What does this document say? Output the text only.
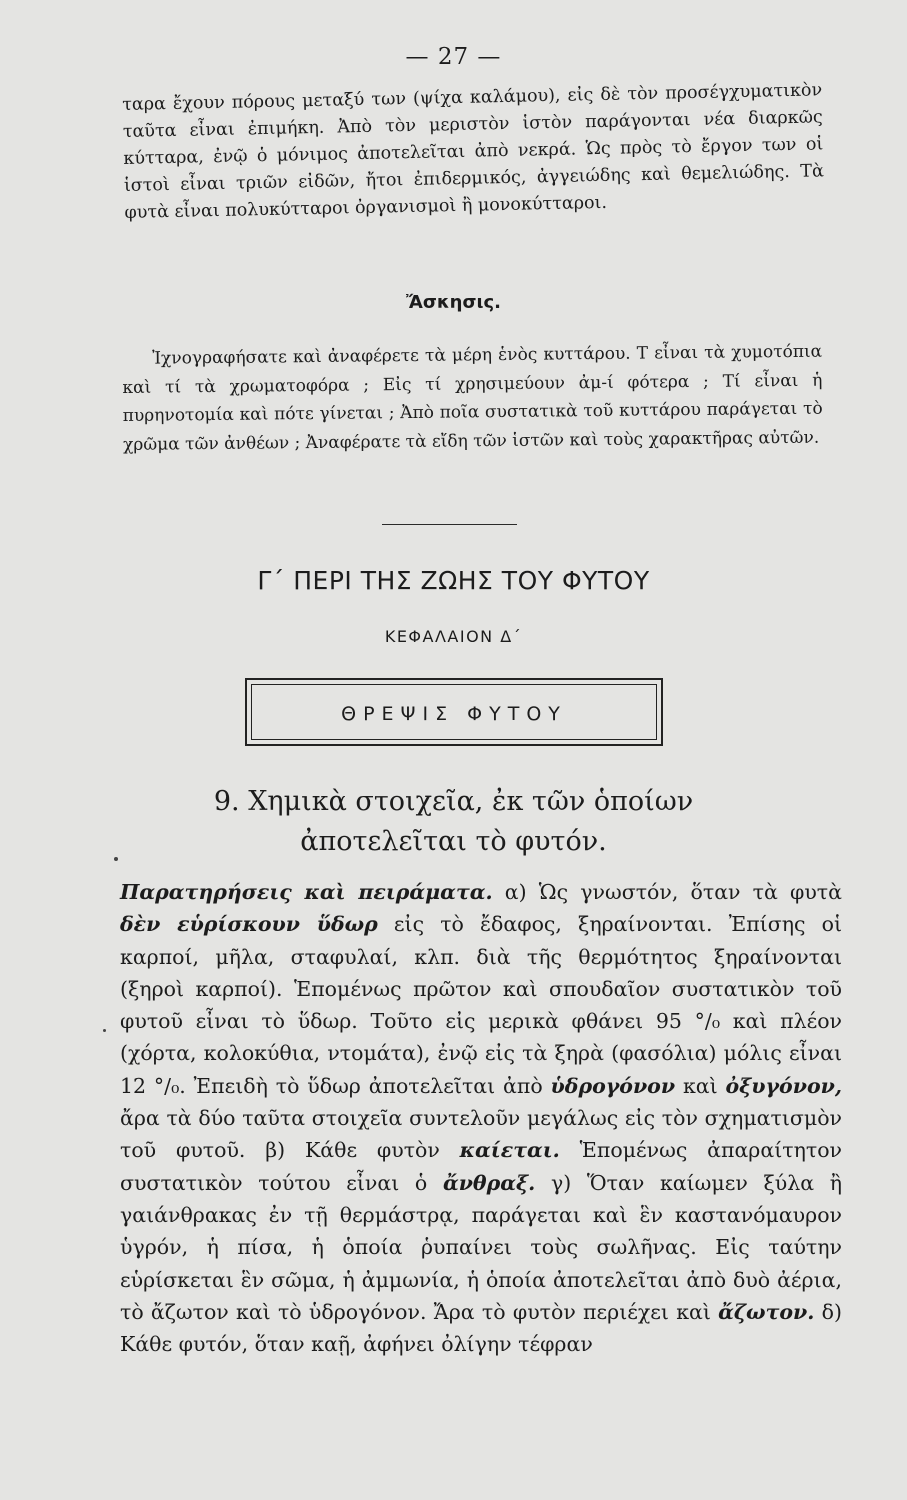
— 27 —
ταρα ἔχουν πόρους μεταξύ των (ψίχα καλάμου), εἰς δὲ τὸν προσέγχυματικὸν ταῦτα εἶναι ἐπιμήκη. Ἀπὸ τὸν μεριστὸν ἱστὸν παράγονται νέα διαρκῶς κύτταρα, ἐνῷ ὁ μόνιμος ἀποτελεῖται ἀπὸ νεκρά. Ὡς πρὸς τὸ ἔργον των οἱ ἱστοὶ εἶναι τριῶν εἰδῶν, ἤτοι ἐπιδερμικός, ἀγγειώδης καὶ θεμελιώδης. Τὰ φυτὰ εἶναι πολυκύτταροι ὀργανισμοὶ ἢ μονοκύτταροι.
Ἄσκησις.
Ἰχνογραφήσατε καὶ ἀναφέρετε τὰ μέρη ἑνὸς κυττάρου. Τ εἶναι τὰ χυμοτόπια καὶ τί τὰ χρωματοφόρα ; Εἰς τί χρησιμεύουν ἀμ-ί φότερα ; Τί εἶναι ἡ πυρηνοτομία καὶ πότε γίνεται ; Ἀπὸ ποῖα συστατικὰ τοῦ κυττάρου παράγεται τὸ χρῶμα τῶν ἀνθέων ; Ἀναφέρατε τὰ εἴδη τῶν ἱστῶν καὶ τοὺς χαρακτῆρας αὐτῶν.
Γ΄ ΠΕΡΙ ΤΗΣ ΖΩΗΣ ΤΟΥ ΦΥΤΟΥ
ΚΕΦΑΛΑΙΟΝ Δ΄
ΘΡΕΨΙΣ ΦΥΤΟΥ
9. Χημικὰ στοιχεῖα, ἐκ τῶν ὁποίων
ἀποτελεῖται τὸ φυτόν.
Παρατηρήσεις καὶ πειράματα. α) Ὡς γνωστόν, ὅταν τὰ φυτὰ δὲν εὑρίσκουν ὕδωρ εἰς τὸ ἔδαφος, ξηραίνονται. Ἐπίσης οἱ καρποί, μῆλα, σταφυλαί, κλπ. διὰ τῆς θερμότητος ξηραίνονται (ξηροὶ καρποί). Ἑπομένως πρῶτον καὶ σπουδαῖον συστατικὸν τοῦ φυτοῦ εἶναι τὸ ὕδωρ. Τοῦτο εἰς μερικὰ φθάνει 95 °/₀ καὶ πλέον (χόρτα, κολοκύθια, ντομάτα), ἐνῷ εἰς τὰ ξηρὰ (φασόλια) μόλις εἶναι 12 °/₀. Ἐπειδὴ τὸ ὕδωρ ἀποτελεῖται ἀπὸ ὑδρογόνον καὶ ὀξυγόνον, ἄρα τὰ δύο ταῦτα στοιχεῖα συντελοῦν μεγάλως εἰς τὸν σχηματισμὸν τοῦ φυτοῦ. β) Κάθε φυτὸν καίεται. Ἑπομένως ἀπαραίτητον συστατικὸν τούτου εἶναι ὁ ἄνθραξ. γ) Ὅταν καίωμεν ξύλα ἢ γαιάνθρακας ἐν τῇ θερμάστρᾳ, παράγεται καὶ ἓν καστανόμαυρον ὑγρόν, ἡ πίσα, ἡ ὁποία ῥυπαίνει τοὺς σωλῆνας. Εἰς ταύτην εὑρίσκεται ἓν σῶμα, ἡ ἀμμωνία, ἡ ὁποία ἀποτελεῖται ἀπὸ δυὸ ἀέρια, τὸ ἄζωτον καὶ τὸ ὑδρογόνον. Ἄρα τὸ φυτὸν περιέχει καὶ ἄζωτον. δ) Κάθε φυτόν, ὅταν καῇ, ἀφήνει ὀλίγην τέφραν
